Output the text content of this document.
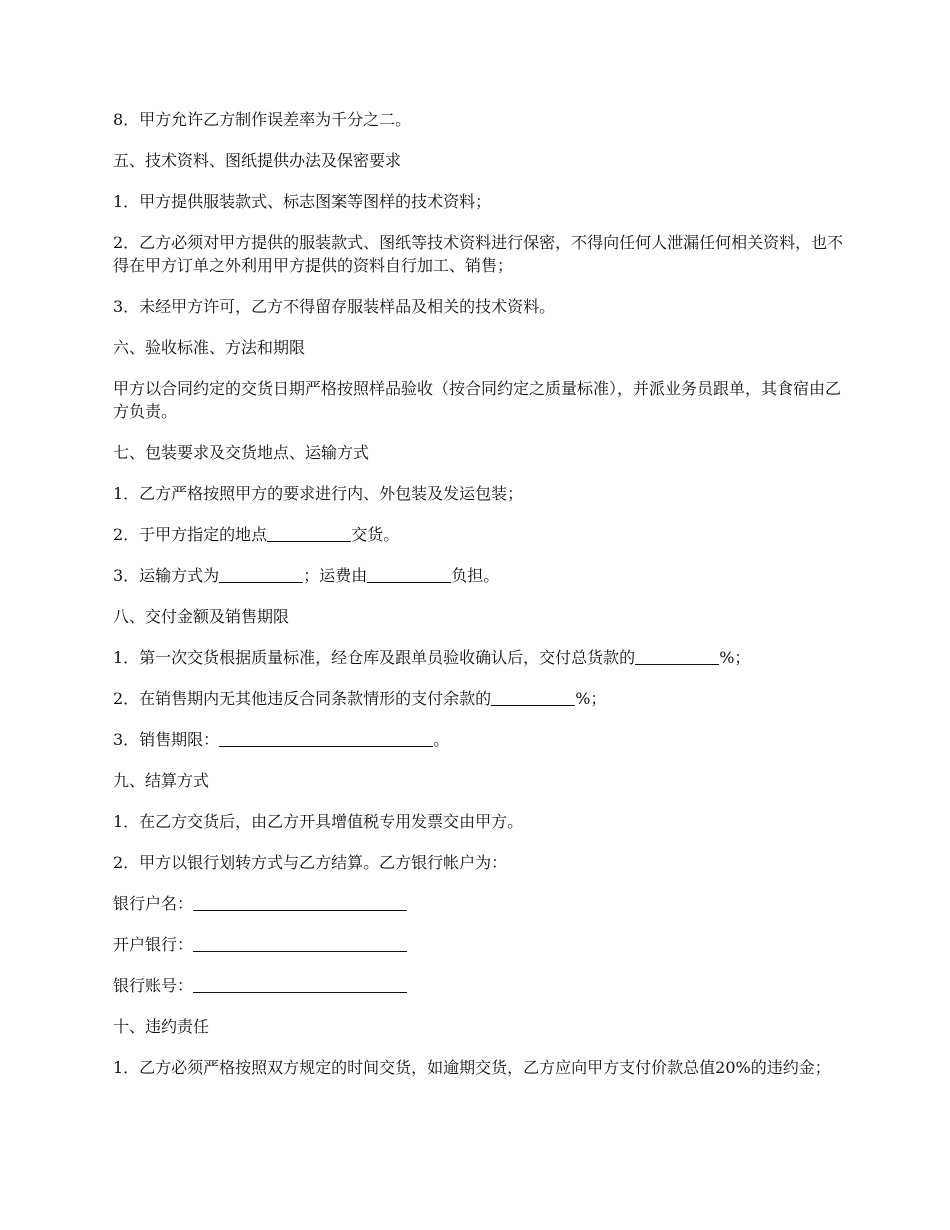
8．甲方允许乙方制作误差率为千分之二。

五、技术资料、图纸提供办法及保密要求

1．甲方提供服装款式、标志图案等图样的技术资料；

2．乙方必须对甲方提供的服装款式、图纸等技术资料进行保密，不得向任何人泄漏任何相关资料，也不得在甲方订单之外利用甲方提供的资料自行加工、销售；

3．未经甲方许可，乙方不得留存服装样品及相关的技术资料。

六、验收标准、方法和期限

甲方以合同约定的交货日期严格按照样品验收（按合同约定之质量标准），并派业务员跟单，其食宿由乙方负责。

七、包装要求及交货地点、运输方式

1．乙方严格按照甲方的要求进行内、外包装及发运包装；

2．于甲方指定的地点	交货。

3．运输方式为	；运费由	负担。

八、交付金额及销售期限

1．第一次交货根据质量标准，经仓库及跟单员验收确认后，交付总货款的	%；

2．在销售期内无其他违反合同条款情形的支付余款的	%；

3．销售期限：	。

九、结算方式

1．在乙方交货后，由乙方开具增值税专用发票交由甲方。

2．甲方以银行划转方式与乙方结算。乙方银行帐户为：

银行户名：

开户银行：

银行账号：

十、违约责任

1．乙方必须严格按照双方规定的时间交货，如逾期交货，乙方应向甲方支付价款总值20%的违约金；
